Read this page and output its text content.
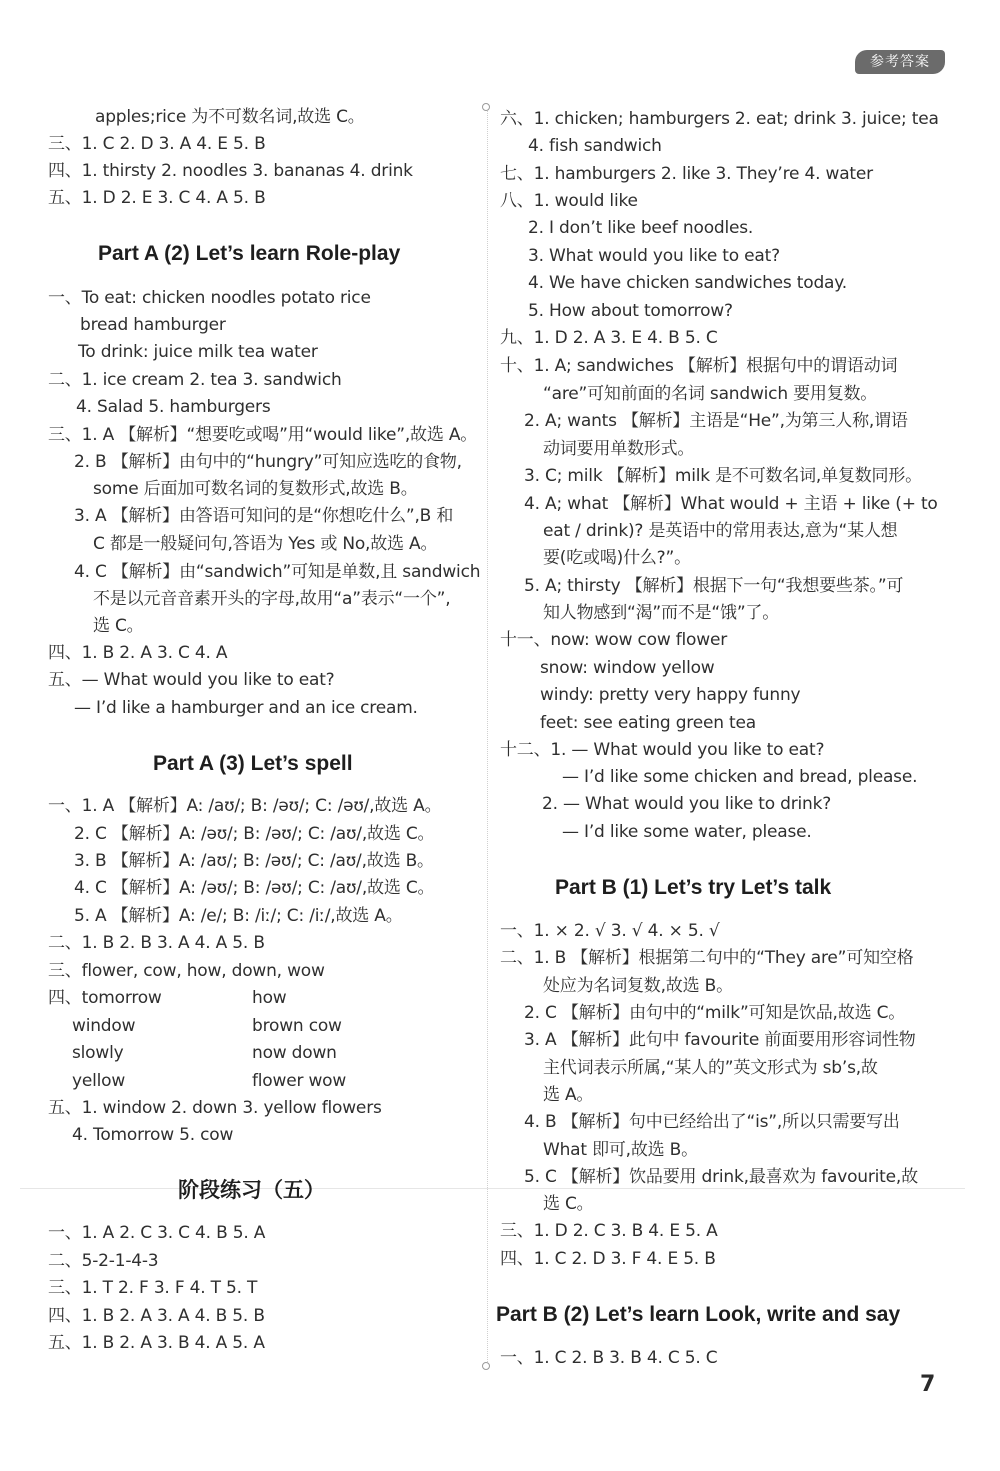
参考答案
apples;rice 为不可数名词,故选 C。
三、1. C 2. D 3. A 4. E 5. B
四、1. thirsty 2. noodles 3. bananas 4. drink
五、1. D 2. E 3. C 4. A 5. B
Part A (2) Let’s learn Role-play
一、To eat: chicken noodles potato rice
bread hamburger
To drink: juice milk tea water
二、1. ice cream 2. tea 3. sandwich
4. Salad 5. hamburgers
三、1. A 【解析】“想要吃或喝”用“would like”,故选 A。
2. B 【解析】由句中的“hungry”可知应选吃的食物,
some 后面加可数名词的复数形式,故选 B。
3. A 【解析】由答语可知问的是“你想吃什么”,B 和
C 都是一般疑问句,答语为 Yes 或 No,故选 A。
4. C 【解析】由“sandwich”可知是单数,且 sandwich
不是以元音音素开头的字母,故用“a”表示“一个”,
选 C。
四、1. B 2. A 3. C 4. A
五、— What would you like to eat?
— I’d like a hamburger and an ice cream.
Part A (3) Let’s spell
一、1. A 【解析】A: /aʊ/; B: /əʊ/; C: /əʊ/,故选 A。
2. C 【解析】A: /əʊ/; B: /əʊ/; C: /aʊ/,故选 C。
3. B 【解析】A: /aʊ/; B: /əʊ/; C: /aʊ/,故选 B。
4. C 【解析】A: /əʊ/; B: /əʊ/; C: /aʊ/,故选 C。
5. A 【解析】A: /e/; B: /iː/; C: /iː/,故选 A。
二、1. B 2. B 3. A 4. A 5. B
三、flower, cow, how, down, wow
四、tomorrow	how
window	brown cow
slowly	now down
yellow	flower wow
五、1. window 2. down 3. yellow flowers
4. Tomorrow 5. cow
阶段练习（五）
一、1. A 2. C 3. C 4. B 5. A
二、5-2-1-4-3
三、1. T 2. F 3. F 4. T 5. T
四、1. B 2. A 3. A 4. B 5. B
五、1. B 2. A 3. B 4. A 5. A
六、1. chicken; hamburgers 2. eat; drink 3. juice; tea
4. fish sandwich
七、1. hamburgers 2. like 3. They’re 4. water
八、1. would like
2. I don’t like beef noodles.
3. What would you like to eat?
4. We have chicken sandwiches today.
5. How about tomorrow?
九、1. D 2. A 3. E 4. B 5. C
十、1. A; sandwiches 【解析】根据句中的谓语动词
“are”可知前面的名词 sandwich 要用复数。
2. A; wants 【解析】主语是“He”,为第三人称,谓语
动词要用单数形式。
3. C; milk 【解析】milk 是不可数名词,单复数同形。
4. A; what 【解析】What would + 主语 + like (+ to
eat / drink)? 是英语中的常用表达,意为“某人想
要(吃或喝)什么?”。
5. A; thirsty 【解析】根据下一句“我想要些茶。”可
知人物感到“渴”而不是“饿”了。
十一、now: wow cow flower
snow: window yellow
windy: pretty very happy funny
feet: see eating green tea
十二、1. — What would you like to eat?
— I’d like some chicken and bread, please.
2. — What would you like to drink?
— I’d like some water, please.
Part B (1) Let’s try Let’s talk
一、1. × 2. √ 3. √ 4. × 5. √
二、1. B 【解析】根据第二句中的“They are”可知空格
处应为名词复数,故选 B。
2. C 【解析】由句中的“milk”可知是饮品,故选 C。
3. A 【解析】此句中 favourite 前面要用形容词性物
主代词表示所属,“某人的”英文形式为 sb’s,故
选 A。
4. B 【解析】句中已经给出了“is”,所以只需要写出
What 即可,故选 B。
5. C 【解析】饮品要用 drink,最喜欢为 favourite,故
选 C。
三、1. D 2. C 3. B 4. E 5. A
四、1. C 2. D 3. F 4. E 5. B
Part B (2) Let’s learn Look, write and say
一、1. C 2. B 3. B 4. C 5. C
7
